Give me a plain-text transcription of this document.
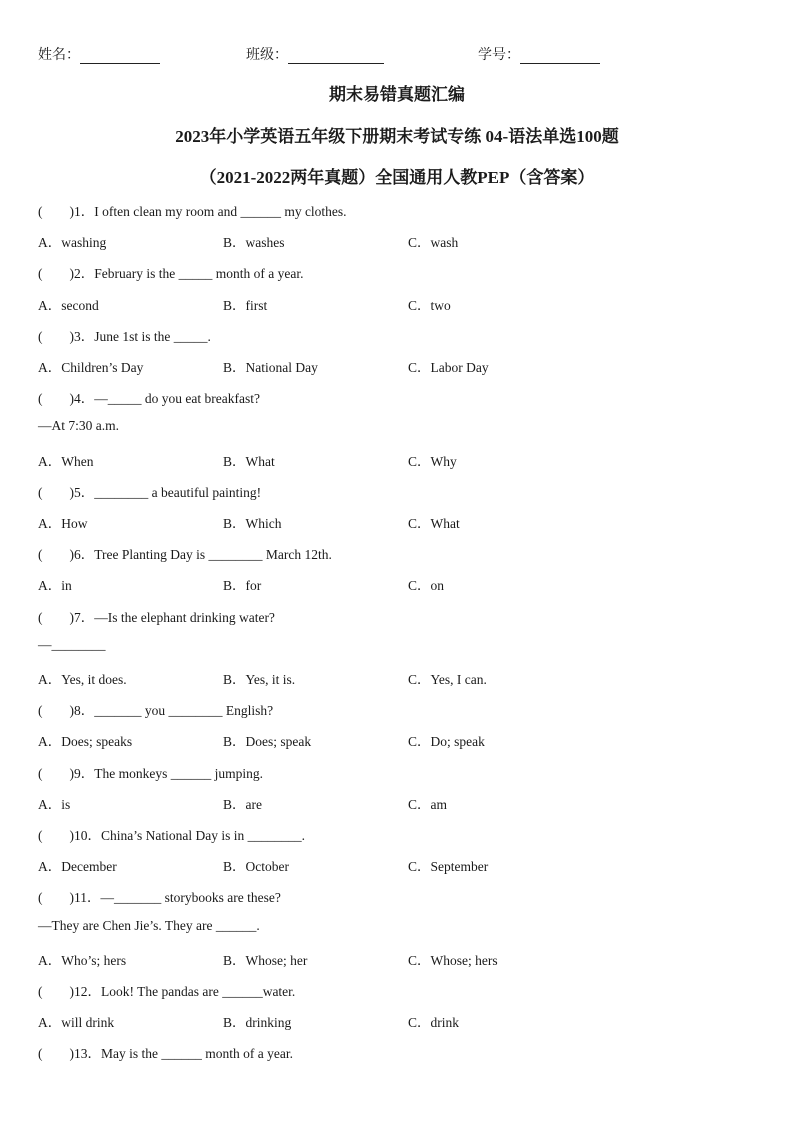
姓名：	班级：	学号：
期末易错真题汇编
2023年小学英语五年级下册期末考试专练 04-语法单选100题
（2021-2022两年真题）全国通用人教PEP（含答案）
(　　)1．I often clean my room and ______ my clothes.
A．washing	B．washes	C．wash
(　　)2．February is the _____ month of a year.
A．second	B．first	C．two
(　　)3．June 1st is the _____.
A．Children’s Day	B．National Day	C．Labor Day
(　　)4．—_____ do you eat breakfast?
—At 7:30 a.m.
A．When	B．What	C．Why
(　　)5．________ a beautiful painting!
A．How	B．Which	C．What
(　　)6．Tree Planting Day is ________ March 12th.
A．in	B．for	C．on
(　　)7．—Is the elephant drinking water?
—________
A．Yes, it does.	B．Yes, it is.	C．Yes, I can.
(　　)8．_______ you ________ English?
A．Does; speaks	B．Does; speak	C．Do; speak
(　　)9．The monkeys ______ jumping.
A．is	B．are	C．am
(　　)10．China’s National Day is in ________.
A．December	B．October	C．September
(　　)11．—_______ storybooks are these?
—They are Chen Jie’s. They are ______.
A．Who’s; hers	B．Whose; her	C．Whose; hers
(　　)12．Look! The pandas are ______water.
A．will drink	B．drinking	C．drink
(　　)13．May is the ______ month of a year.
